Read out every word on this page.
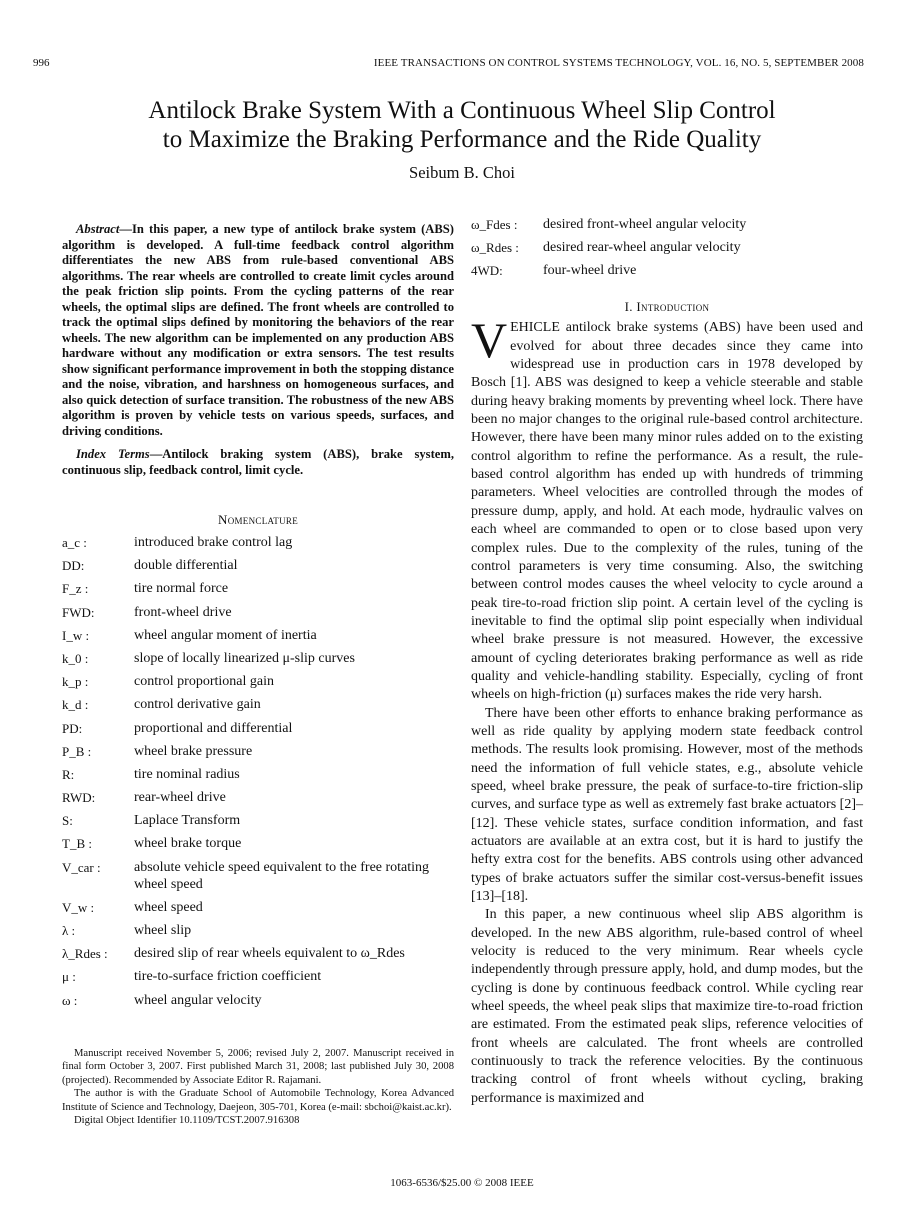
996	IEEE TRANSACTIONS ON CONTROL SYSTEMS TECHNOLOGY, VOL. 16, NO. 5, SEPTEMBER 2008
Antilock Brake System With a Continuous Wheel Slip Control
to Maximize the Braking Performance and the Ride Quality
Seibum B. Choi

Abstract—In this paper, a new type of antilock brake system (ABS) algorithm is developed. A full-time feedback control algorithm differentiates the new ABS from rule-based conventional ABS algorithms. The rear wheels are controlled to create limit cycles around the peak friction slip points. From the cycling patterns of the rear wheels, the optimal slips are defined. The front wheels are controlled to track the optimal slips defined by monitoring the behaviors of the rear wheels. The new algorithm can be implemented on any production ABS hardware without any modification or extra sensors. The test results show significant performance improvement in both the stopping distance and the noise, vibration, and harshness on homogeneous surfaces, and also quick detection of surface transition. The robustness of the new ABS algorithm is proven by vehicle tests on various speeds, surfaces, and driving conditions.

Index Terms—Antilock braking system (ABS), brake system, continuous slip, feedback control, limit cycle.

Nomenclature
a_c :	introduced brake control lag
DD:	double differential
F_z :	tire normal force
FWD:	front-wheel drive
I_w :	wheel angular moment of inertia
k_0 :	slope of locally linearized μ-slip curves
k_p :	control proportional gain
k_d :	control derivative gain
PD:	proportional and differential
P_B :	wheel brake pressure
R:	tire nominal radius
RWD:	rear-wheel drive
S:	Laplace Transform
T_B :	wheel brake torque
V_car :	absolute vehicle speed equivalent to the free rotating wheel speed
V_w :	wheel speed
λ :	wheel slip
λ_Rdes :	desired slip of rear wheels equivalent to ω_Rdes
μ :	tire-to-surface friction coefficient
ω :	wheel angular velocity

Manuscript received November 5, 2006; revised July 2, 2007. Manuscript received in final form October 3, 2007. First published March 31, 2008; last published July 30, 2008 (projected). Recommended by Associate Editor R. Rajamani.

The author is with the Graduate School of Automobile Technology, Korea Advanced Institute of Science and Technology, Daejeon, 305-701, Korea (e-mail: sbchoi@kaist.ac.kr).

Digital Object Identifier 10.1109/TCST.2007.916308

ω_Fdes :	desired front-wheel angular velocity
ω_Rdes :	desired rear-wheel angular velocity
4WD:	four-wheel drive
I. Introduction

VEHICLE antilock brake systems (ABS) have been used and evolved for about three decades since they came into widespread use in production cars in 1978 developed by Bosch [1]. ABS was designed to keep a vehicle steerable and stable during heavy braking moments by preventing wheel lock. There have been no major changes to the original rule-based control architecture. However, there have been many minor rules added on to the existing control algorithm to refine the performance. As a result, the rule-based control algorithm has ended up with hundreds of trimming parameters. Wheel velocities are controlled through the modes of pressure dump, apply, and hold. At each mode, hydraulic valves on each wheel are commanded to open or to close based upon very complex rules. Due to the complexity of the rules, tuning of the control parameters is very time consuming. Also, the switching between control modes causes the wheel velocity to cycle around a peak tire-to-road friction slip point. A certain level of the cycling is inevitable to find the optimal slip point especially when individual wheel brake pressure is not measured. However, the excessive amount of cycling deteriorates braking performance as well as ride quality and vehicle-handling stability. Especially, cycling of front wheels on high-friction (μ) surfaces makes the ride very harsh.

There have been other efforts to enhance braking performance as well as ride quality by applying modern state feedback control methods. The results look promising. However, most of the methods need the information of full vehicle states, e.g., absolute vehicle speed, wheel brake pressure, the peak of surface-to-tire friction-slip curves, and surface type as well as extremely fast brake actuators [2]–[12]. These vehicle states, surface condition information, and fast actuators are available at an extra cost, but it is hard to justify the hefty extra cost for the benefits. ABS controls using other advanced types of brake actuators suffer the similar cost-versus-benefit issues [13]–[18].

In this paper, a new continuous wheel slip ABS algorithm is developed. In the new ABS algorithm, rule-based control of wheel velocity is reduced to the very minimum. Rear wheels cycle independently through pressure apply, hold, and dump modes, but the cycling is done by continuous feedback control. While cycling rear wheel speeds, the wheel peak slips that maximize tire-to-road friction are estimated. From the estimated peak slips, reference velocities of front wheels are calculated. The front wheels are controlled continuously to track the reference velocities. By the continuous tracking control of front wheels without cycling, braking performance is maximized and

1063-6536/$25.00 © 2008 IEEE
